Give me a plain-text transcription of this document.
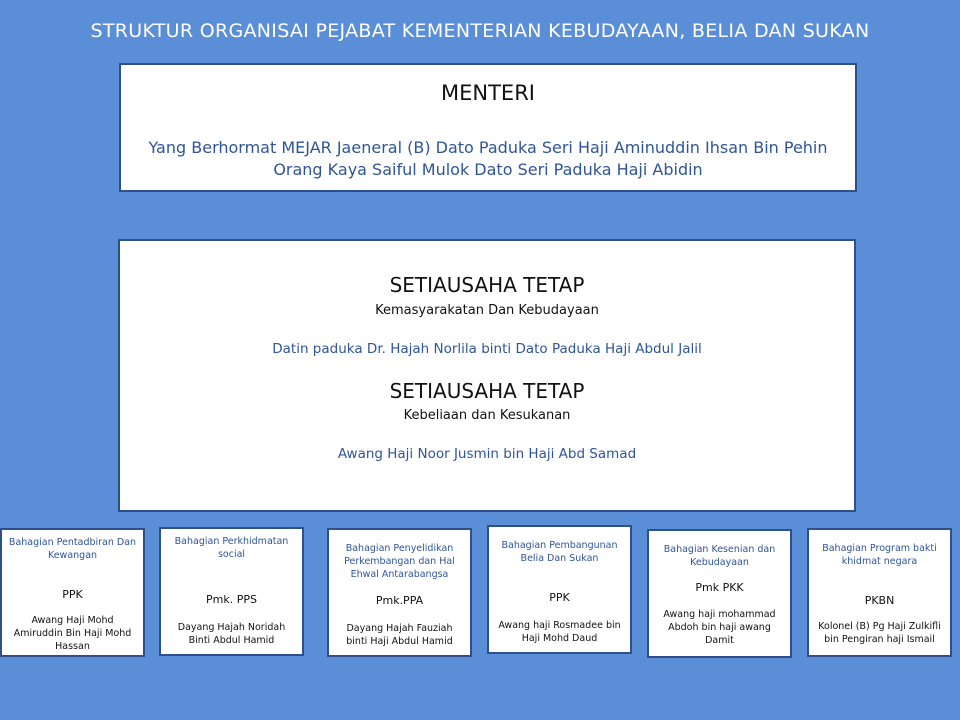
STRUKTUR ORGANISAI PEJABAT KEMENTERIAN KEBUDAYAAN, BELIA DAN SUKAN
MENTERI
Yang Berhormat MEJAR Jaeneral (B) Dato Paduka Seri Haji Aminuddin Ihsan Bin Pehin Orang Kaya Saiful Mulok Dato Seri Paduka Haji Abidin
SETIAUSAHA TETAP
Kemasyarakatan Dan Kebudayaan
Datin paduka Dr. Hajah Norlila binti Dato Paduka Haji Abdul Jalil
SETIAUSAHA TETAP
Kebeliaan dan Kesukanan
Awang Haji Noor Jusmin bin Haji Abd Samad
Bahagian Pentadbiran Dan Kewangan
PPK
Awang Haji Mohd Amiruddin Bin Haji Mohd Hassan
Bahagian Perkhidmatan social
Pmk. PPS
Dayang Hajah Noridah Binti Abdul Hamid
Bahagian Penyelidikan Perkembangan dan Hal Ehwal Antarabangsa
Pmk.PPA
Dayang Hajah Fauziah binti Haji Abdul Hamid
Bahagian Pembangunan Belia Dan Sukan
PPK
Awang haji Rosmadee bin Haji Mohd Daud
Bahagian Kesenian dan Kebudayaan
Pmk PKK
Awang haji mohammad Abdoh bin haji awang Damit
Bahagian Program bakti khidmat negara
PKBN
Kolonel (B) Pg Haji Zulkifli bin Pengiran haji Ismail
